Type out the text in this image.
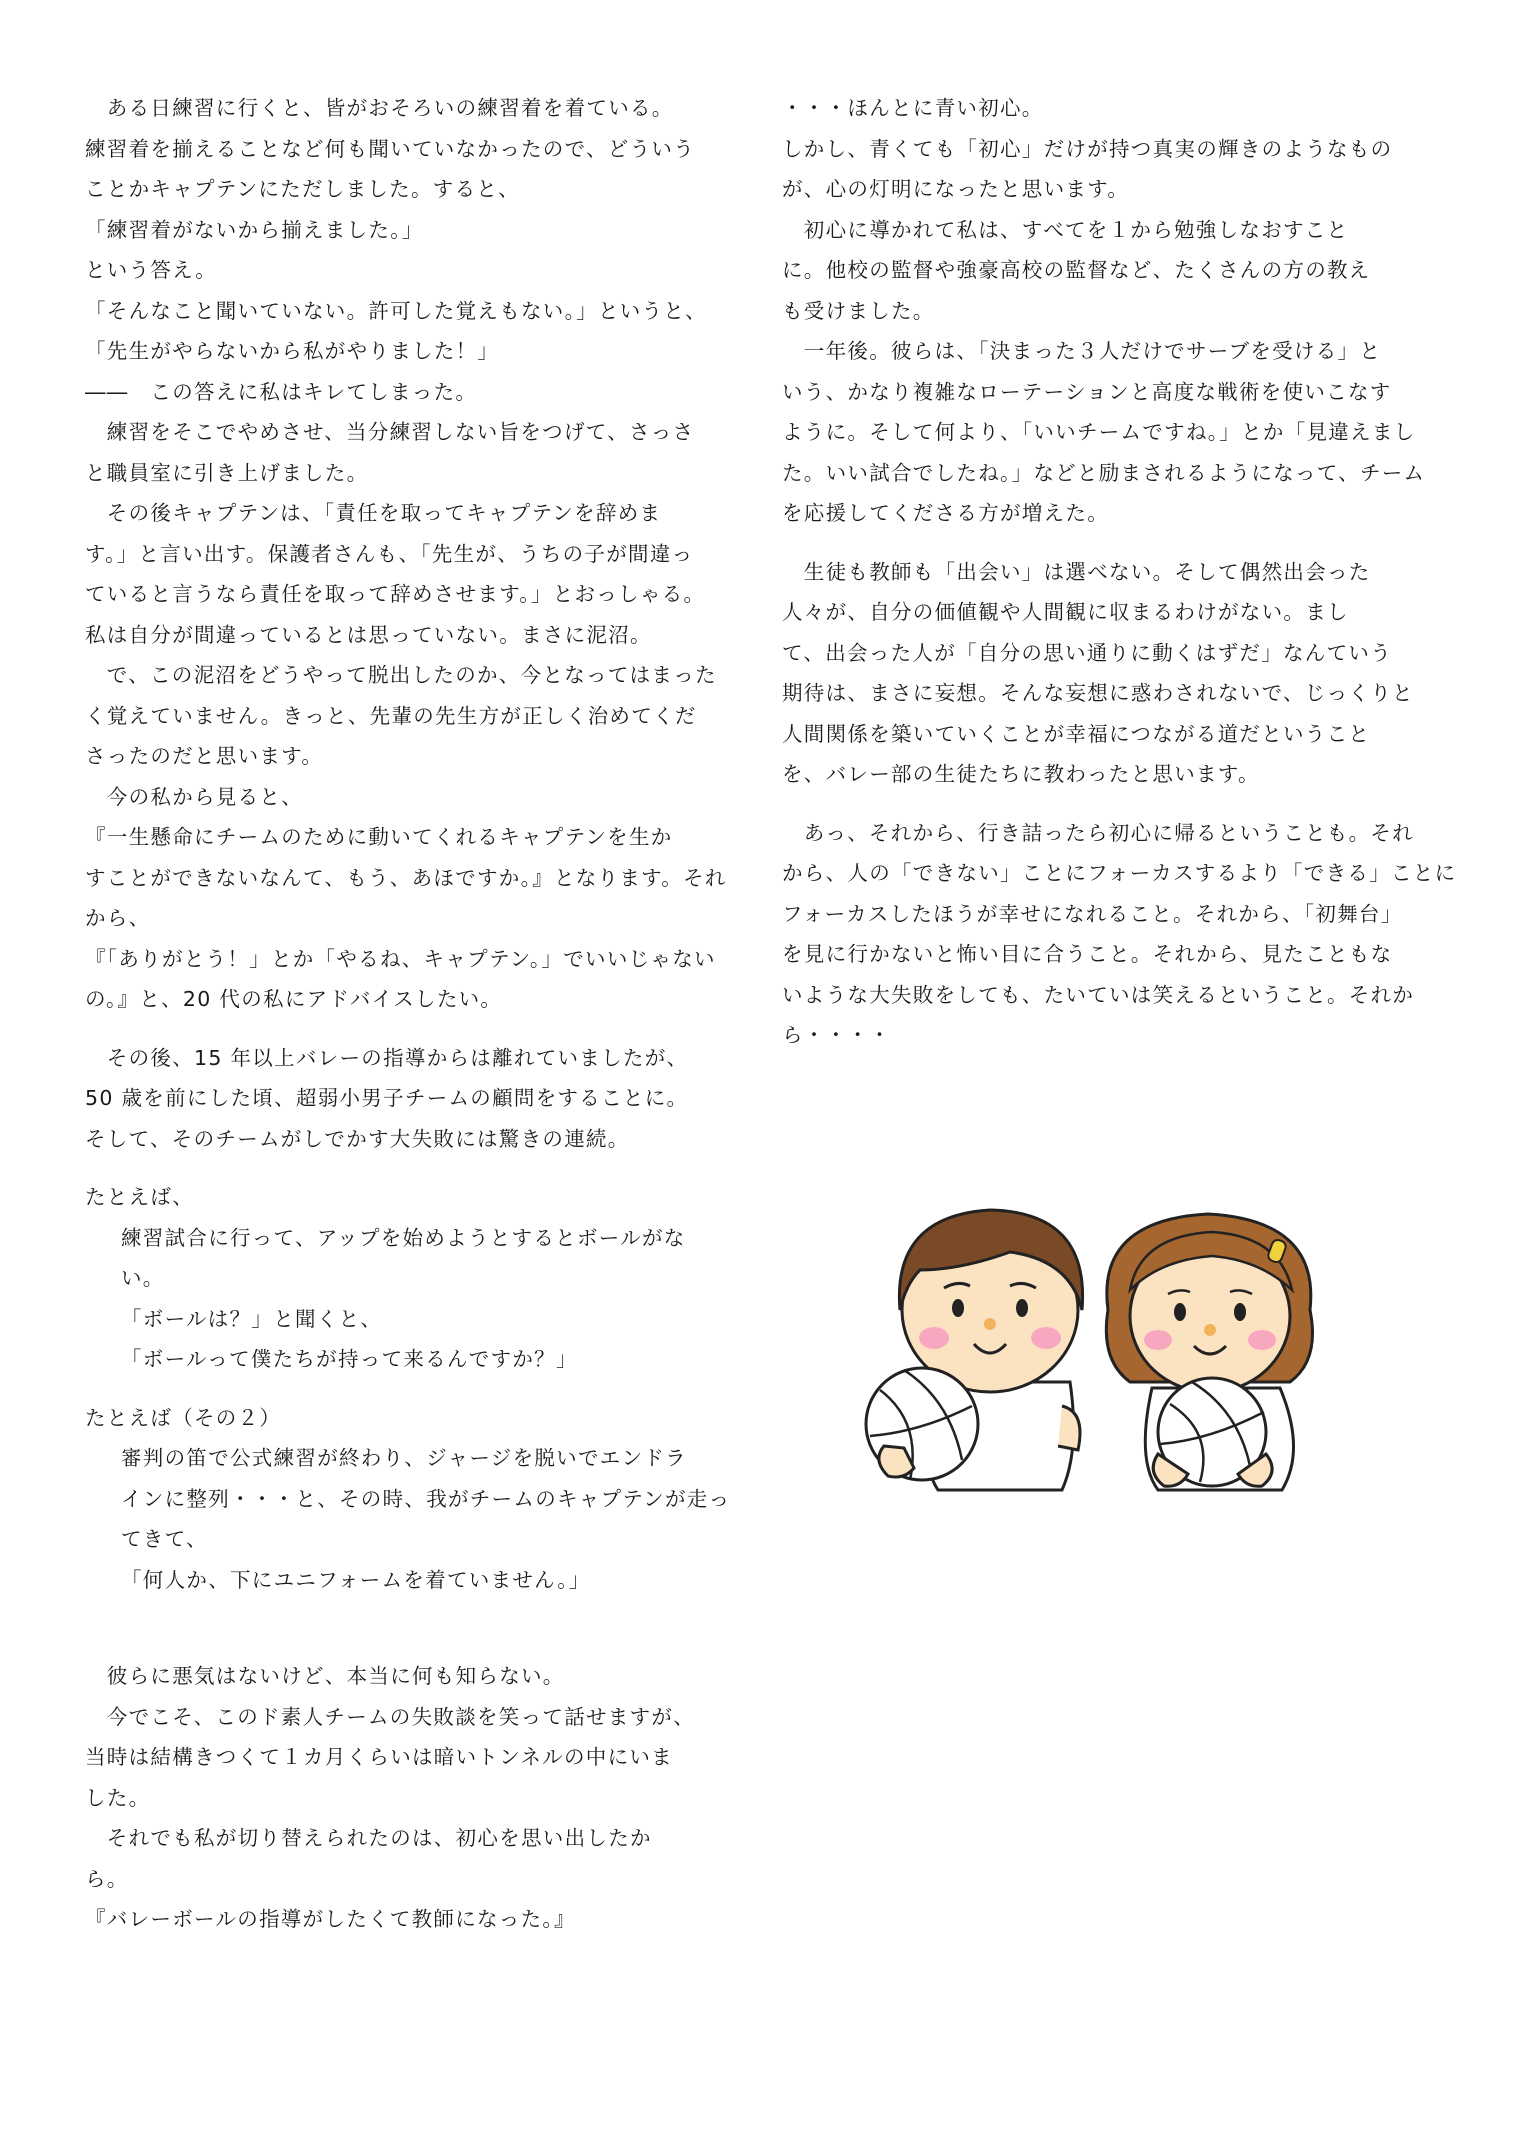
　ある日練習に行くと、皆がおそろいの練習着を着ている。
練習着を揃えることなど何も聞いていなかったので、どういう
ことかキャプテンにただしました。すると、
「練習着がないから揃えました。」
という答え。
「そんなこと聞いていない。許可した覚えもない。」というと、
「先生がやらないから私がやりました！」
――　この答えに私はキレてしまった。
　練習をそこでやめさせ、当分練習しない旨をつげて、さっさ
と職員室に引き上げました。
　その後キャプテンは、「責任を取ってキャプテンを辞めま
す。」と言い出す。保護者さんも、「先生が、うちの子が間違っ
ていると言うなら責任を取って辞めさせます。」とおっしゃる。
私は自分が間違っているとは思っていない。まさに泥沼。
　で、この泥沼をどうやって脱出したのか、今となってはまった
く覚えていません。きっと、先輩の先生方が正しく治めてくだ
さったのだと思います。
　今の私から見ると、
『一生懸命にチームのために動いてくれるキャプテンを生か
すことができないなんて、もう、あほですか。』となります。それ
から、
『「ありがとう！」とか「やるね、キャプテン。」でいいじゃない
の。』と、20 代の私にアドバイスしたい。
　その後、15 年以上バレーの指導からは離れていましたが、
50 歳を前にした頃、超弱小男子チームの顧問をすることに。
そして、そのチームがしでかす大失敗には驚きの連続。
たとえば、
練習試合に行って、アップを始めようとするとボールがな
い。
「ボールは？」と聞くと、
「ボールって僕たちが持って来るんですか？」
たとえば（その２）
審判の笛で公式練習が終わり、ジャージを脱いでエンドラ
インに整列・・・と、その時、我がチームのキャプテンが走っ
てきて、
「何人か、下にユニフォームを着ていません。」
　彼らに悪気はないけど、本当に何も知らない。
　今でこそ、このド素人チームの失敗談を笑って話せますが、
当時は結構きつくて１カ月くらいは暗いトンネルの中にいま
した。
　それでも私が切り替えられたのは、初心を思い出したか
ら。
『バレーボールの指導がしたくて教師になった。』
・・・ほんとに青い初心。
しかし、青くても「初心」だけが持つ真実の輝きのようなもの
が、心の灯明になったと思います。
　初心に導かれて私は、すべてを１から勉強しなおすこと
に。他校の監督や強豪高校の監督など、たくさんの方の教え
も受けました。
　一年後。彼らは、「決まった３人だけでサーブを受ける」と
いう、かなり複雑なローテーションと高度な戦術を使いこなす
ように。そして何より、「いいチームですね。」とか「見違えまし
た。いい試合でしたね。」などと励まされるようになって、チーム
を応援してくださる方が増えた。
　生徒も教師も「出会い」は選べない。そして偶然出会った
人々が、自分の価値観や人間観に収まるわけがない。まし
て、出会った人が「自分の思い通りに動くはずだ」なんていう
期待は、まさに妄想。そんな妄想に惑わされないで、じっくりと
人間関係を築いていくことが幸福につながる道だということ
を、バレー部の生徒たちに教わったと思います。
　あっ、それから、行き詰ったら初心に帰るということも。それ
から、人の「できない」ことにフォーカスするより「できる」ことに
フォーカスしたほうが幸せになれること。それから、「初舞台」
を見に行かないと怖い目に合うこと。それから、見たこともな
いような大失敗をしても、たいていは笑えるということ。それか
ら・・・・
